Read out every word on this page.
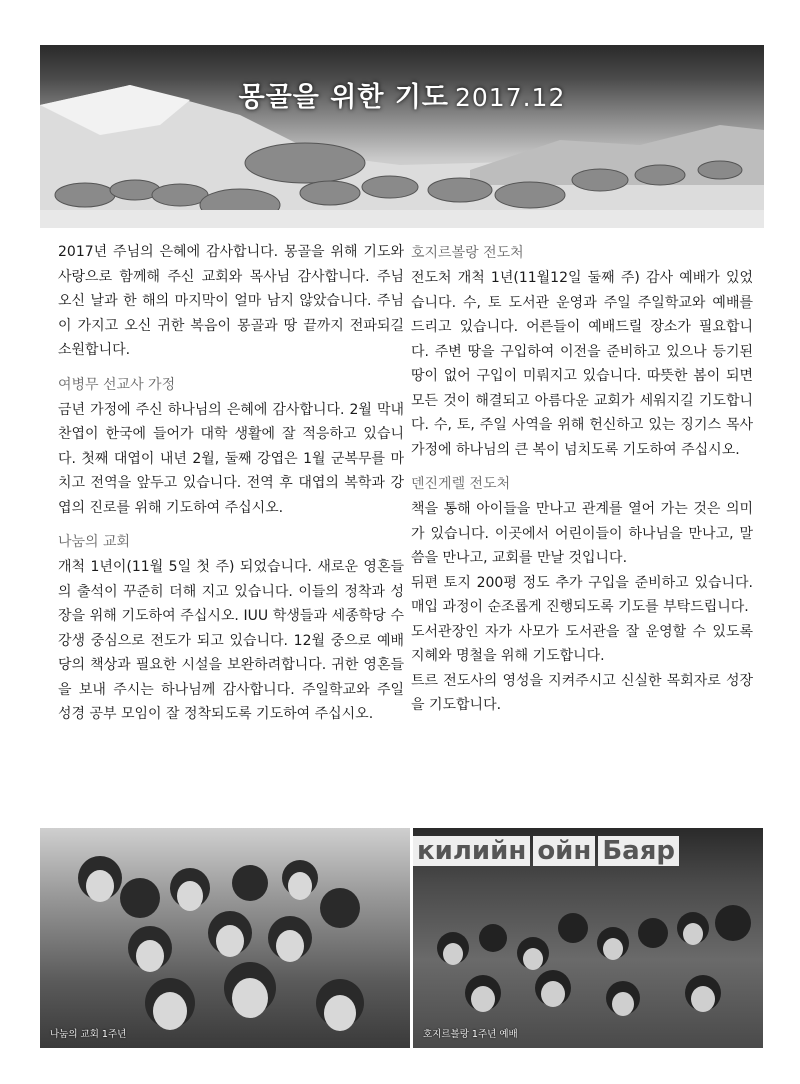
몽골을 위한 기도 2017.12

2017년 주님의 은혜에 감사합니다. 몽골을 위해 기도와 사랑으로 함께해 주신 교회와 목사님 감사합니다. 주님 오신 날과 한 해의 마지막이 얼마 남지 않았습니다. 주님이 가지고 오신 귀한 복음이 몽골과 땅 끝까지 전파되길 소원합니다.

여병무 선교사 가정

금년 가정에 주신 하나님의 은혜에 감사합니다. 2월 막내 찬엽이 한국에 들어가 대학 생활에 잘 적응하고 있습니다. 첫째 대엽이 내년 2월, 둘째 강엽은 1월 군복무를 마치고 전역을 앞두고 있습니다. 전역 후 대엽의 복학과 강엽의 진로를 위해 기도하여 주십시오.

나눔의 교회

개척 1년이(11월 5일 첫 주) 되었습니다. 새로운 영혼들의 출석이 꾸준히 더해 지고 있습니다. 이들의 정착과 성장을 위해 기도하여 주십시오. IUU 학생들과 세종학당 수강생 중심으로 전도가 되고 있습니다. 12월 중으로 예배당의 책상과 필요한 시설을 보완하려합니다. 귀한 영혼들을 보내 주시는 하나님께 감사합니다. 주일학교와 주일 성경 공부 모임이 잘 정착되도록 기도하여 주십시오.

호지르볼랑 전도처

전도처 개척 1년(11월12일 둘째 주) 감사 예배가 있었습니다. 수, 토 도서관 운영과 주일 주일학교와 예배를 드리고 있습니다. 어른들이 예배드릴 장소가 필요합니다. 주변 땅을 구입하여 이전을 준비하고 있으나 등기된 땅이 없어 구입이 미뤄지고 있습니다. 따뜻한 봄이 되면 모든 것이 해결되고 아름다운 교회가 세워지길 기도합니다. 수, 토, 주일 사역을 위해 헌신하고 있는 징기스 목사 가정에 하나님의 큰 복이 넘치도록 기도하여 주십시오.

덴진게렐 전도처

책을 통해 아이들을 만나고 관계를 열어 가는 것은 의미가 있습니다. 이곳에서 어린이들이 하나님을 만나고, 말씀을 만나고, 교회를 만날 것입니다.

뒤편 토지 200평 정도 추가 구입을 준비하고 있습니다. 매입 과정이 순조롭게 진행되도록 기도를 부탁드립니다.

도서관장인 자가 사모가 도서관을 잘 운영할 수 있도록 지혜와 명철을 위해 기도합니다.

트르 전도사의 영성을 지켜주시고 신실한 목회자로 성장을 기도합니다.

나눔의 교회 1주년
килийн ойн Баяр
호지르볼랑 1주년 예배
